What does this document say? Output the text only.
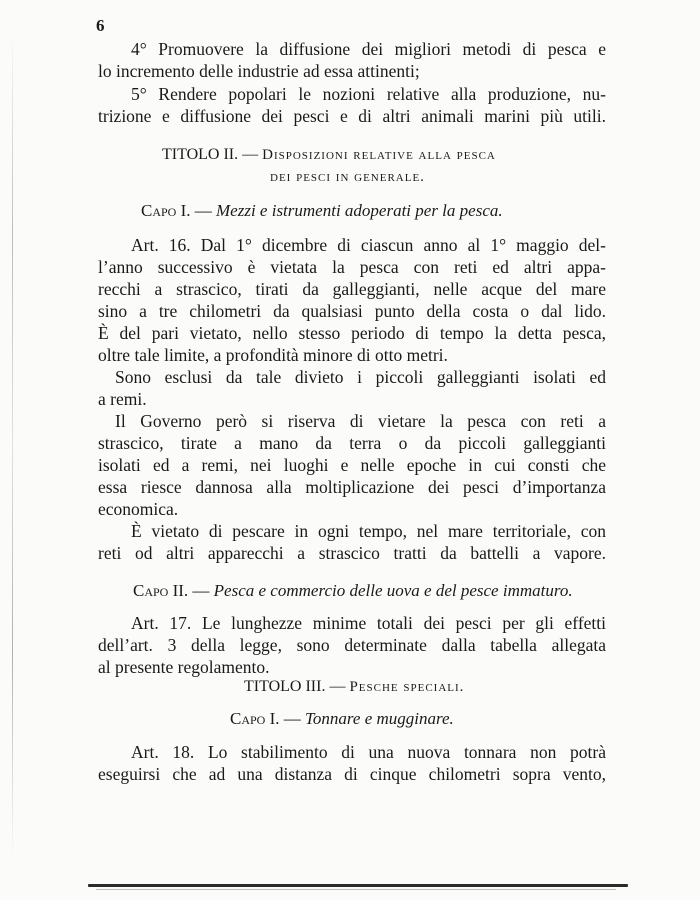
6
4° Promuovere la diffusione dei migliori metodi di pesca e
lo incremento delle industrie ad essa attinenti;
5° Rendere popolari le nozioni relative alla produzione, nu-
trizione e diffusione dei pesci e di altri animali marini più utili.
TITOLO II. — Disposizioni relative alla pesca
dei pesci in generale.
Capo I. — Mezzi e istrumenti adoperati per la pesca.
Art. 16. Dal 1° dicembre di ciascun anno al 1° maggio del-
l’anno successivo è vietata la pesca con reti ed altri appa-
recchi a strascico, tirati da galleggianti, nelle acque del mare
sino a tre chilometri da qualsiasi punto della costa o dal lido.
È del pari vietato, nello stesso periodo di tempo la detta pesca,
oltre tale limite, a profondità minore di otto metri.
Sono esclusi da tale divieto i piccoli galleggianti isolati ed
a remi.
Il Governo però si riserva di vietare la pesca con reti a
strascico, tirate a mano da terra o da piccoli galleggianti
isolati ed a remi, nei luoghi e nelle epoche in cui consti che
essa riesce dannosa alla moltiplicazione dei pesci d’importanza
economica.
È vietato di pescare in ogni tempo, nel mare territoriale, con
reti od altri apparecchi a strascico tratti da battelli a vapore.
Capo II. — Pesca e commercio delle uova e del pesce immaturo.
Art. 17. Le lunghezze minime totali dei pesci per gli effetti
dell’art. 3 della legge, sono determinate dalla tabella allegata
al presente regolamento.
TITOLO III. — Pesche speciali.
Capo I. — Tonnare e mugginare.
Art. 18. Lo stabilimento di una nuova tonnara non potrà
eseguirsi che ad una distanza di cinque chilometri sopra vento,
